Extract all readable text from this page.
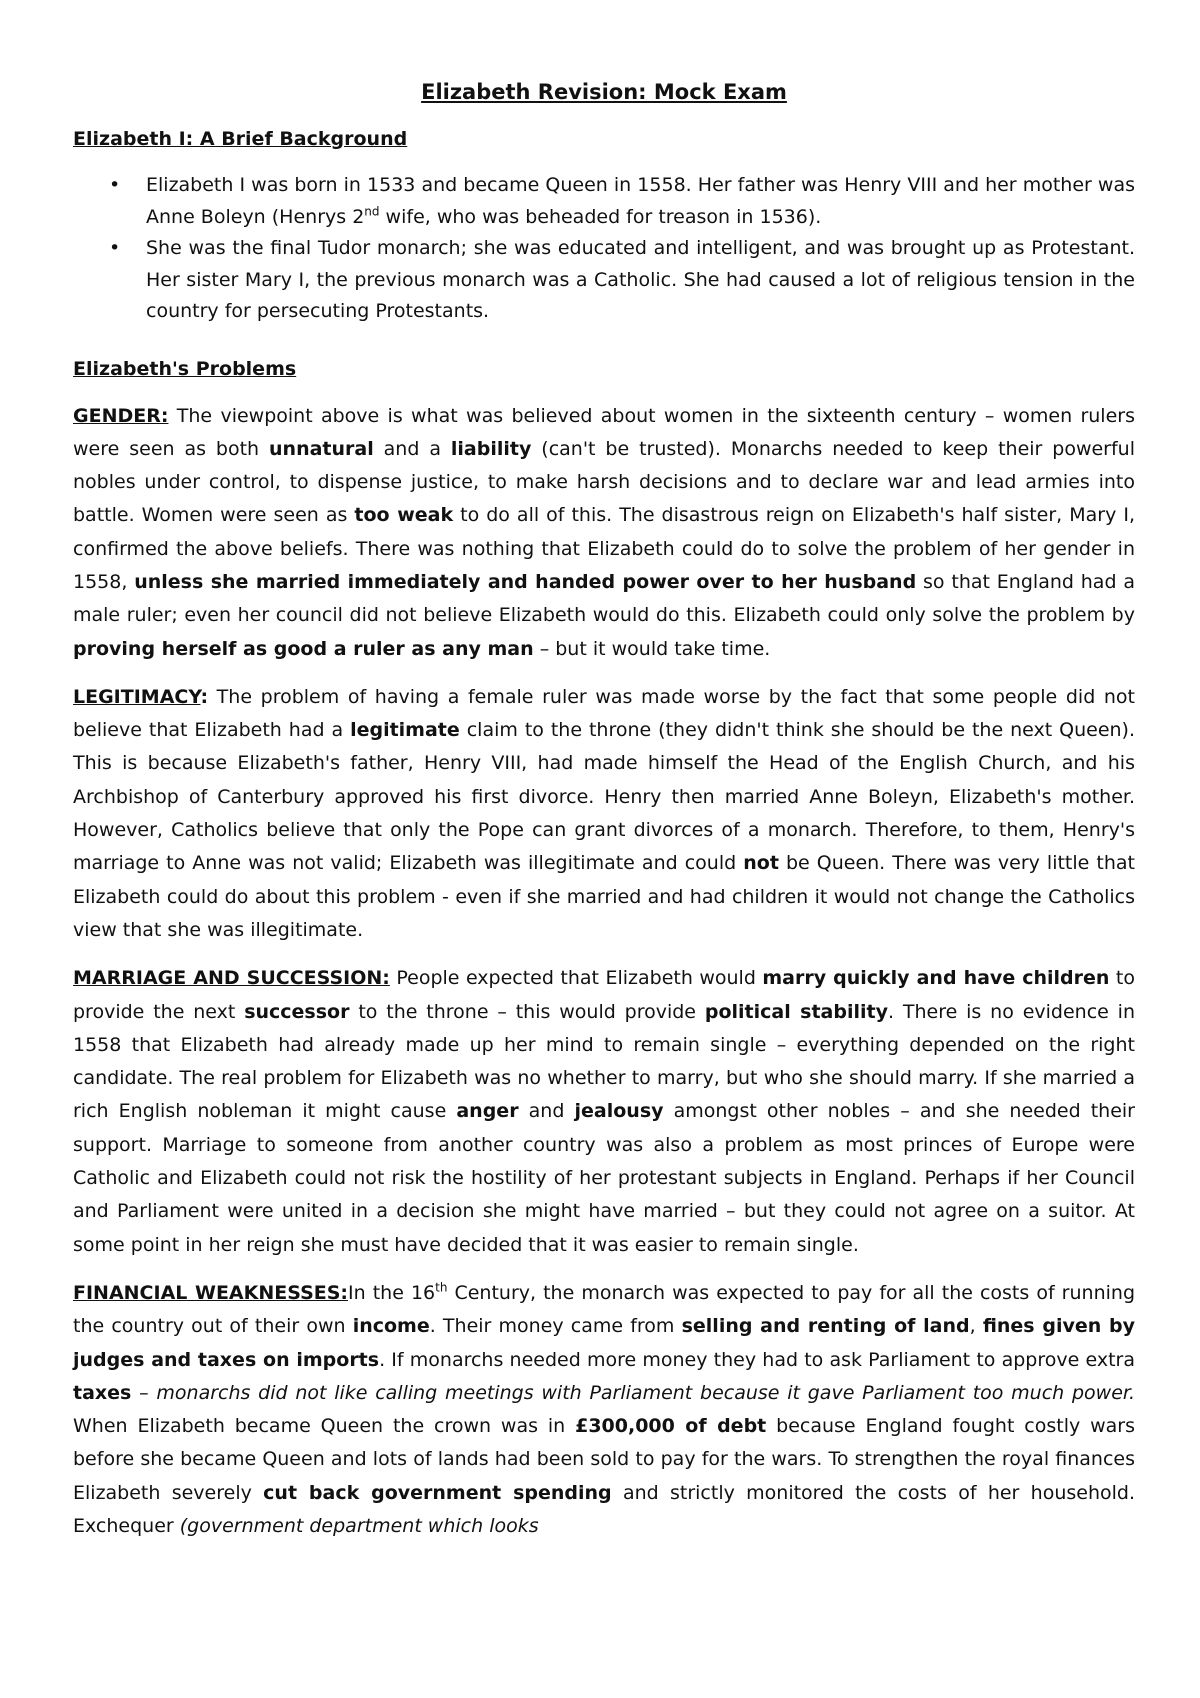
Elizabeth Revision: Mock Exam
Elizabeth I: A Brief Background
• Elizabeth I was born in 1533 and became Queen in 1558. Her father was Henry VIII and her mother was Anne Boleyn (Henrys 2nd wife, who was beheaded for treason in 1536).
• She was the final Tudor monarch; she was educated and intelligent, and was brought up as Protestant. Her sister Mary I, the previous monarch was a Catholic. She had caused a lot of religious tension in the country for persecuting Protestants.
Elizabeth's Problems

GENDER: The viewpoint above is what was believed about women in the sixteenth century – women rulers were seen as both unnatural and a liability (can't be trusted). Monarchs needed to keep their powerful nobles under control, to dispense justice, to make harsh decisions and to declare war and lead armies into battle. Women were seen as too weak to do all of this. The disastrous reign on Elizabeth's half sister, Mary I, confirmed the above beliefs. There was nothing that Elizabeth could do to solve the problem of her gender in 1558, unless she married immediately and handed power over to her husband so that England had a male ruler; even her council did not believe Elizabeth would do this. Elizabeth could only solve the problem by proving herself as good a ruler as any man – but it would take time.

LEGITIMACY: The problem of having a female ruler was made worse by the fact that some people did not believe that Elizabeth had a legitimate claim to the throne (they didn't think she should be the next Queen). This is because Elizabeth's father, Henry VIII, had made himself the Head of the English Church, and his Archbishop of Canterbury approved his first divorce. Henry then married Anne Boleyn, Elizabeth's mother. However, Catholics believe that only the Pope can grant divorces of a monarch. Therefore, to them, Henry's marriage to Anne was not valid; Elizabeth was illegitimate and could not be Queen. There was very little that Elizabeth could do about this problem - even if she married and had children it would not change the Catholics view that she was illegitimate.

MARRIAGE AND SUCCESSION: People expected that Elizabeth would marry quickly and have children to provide the next successor to the throne – this would provide political stability. There is no evidence in 1558 that Elizabeth had already made up her mind to remain single – everything depended on the right candidate. The real problem for Elizabeth was no whether to marry, but who she should marry. If she married a rich English nobleman it might cause anger and jealousy amongst other nobles – and she needed their support. Marriage to someone from another country was also a problem as most princes of Europe were Catholic and Elizabeth could not risk the hostility of her protestant subjects in England. Perhaps if her Council and Parliament were united in a decision she might have married – but they could not agree on a suitor. At some point in her reign she must have decided that it was easier to remain single.

FINANCIAL WEAKNESSES:In the 16th Century, the monarch was expected to pay for all the costs of running the country out of their own income. Their money came from selling and renting of land, fines given by judges and taxes on imports. If monarchs needed more money they had to ask Parliament to approve extra taxes – monarchs did not like calling meetings with Parliament because it gave Parliament too much power.    When Elizabeth became Queen the crown was in £300,000 of debt because England fought costly wars before she became Queen and lots of lands had been sold to pay for the wars. To strengthen the royal finances Elizabeth severely cut back government spending and strictly monitored the costs of her household. Exchequer (government department which looks
